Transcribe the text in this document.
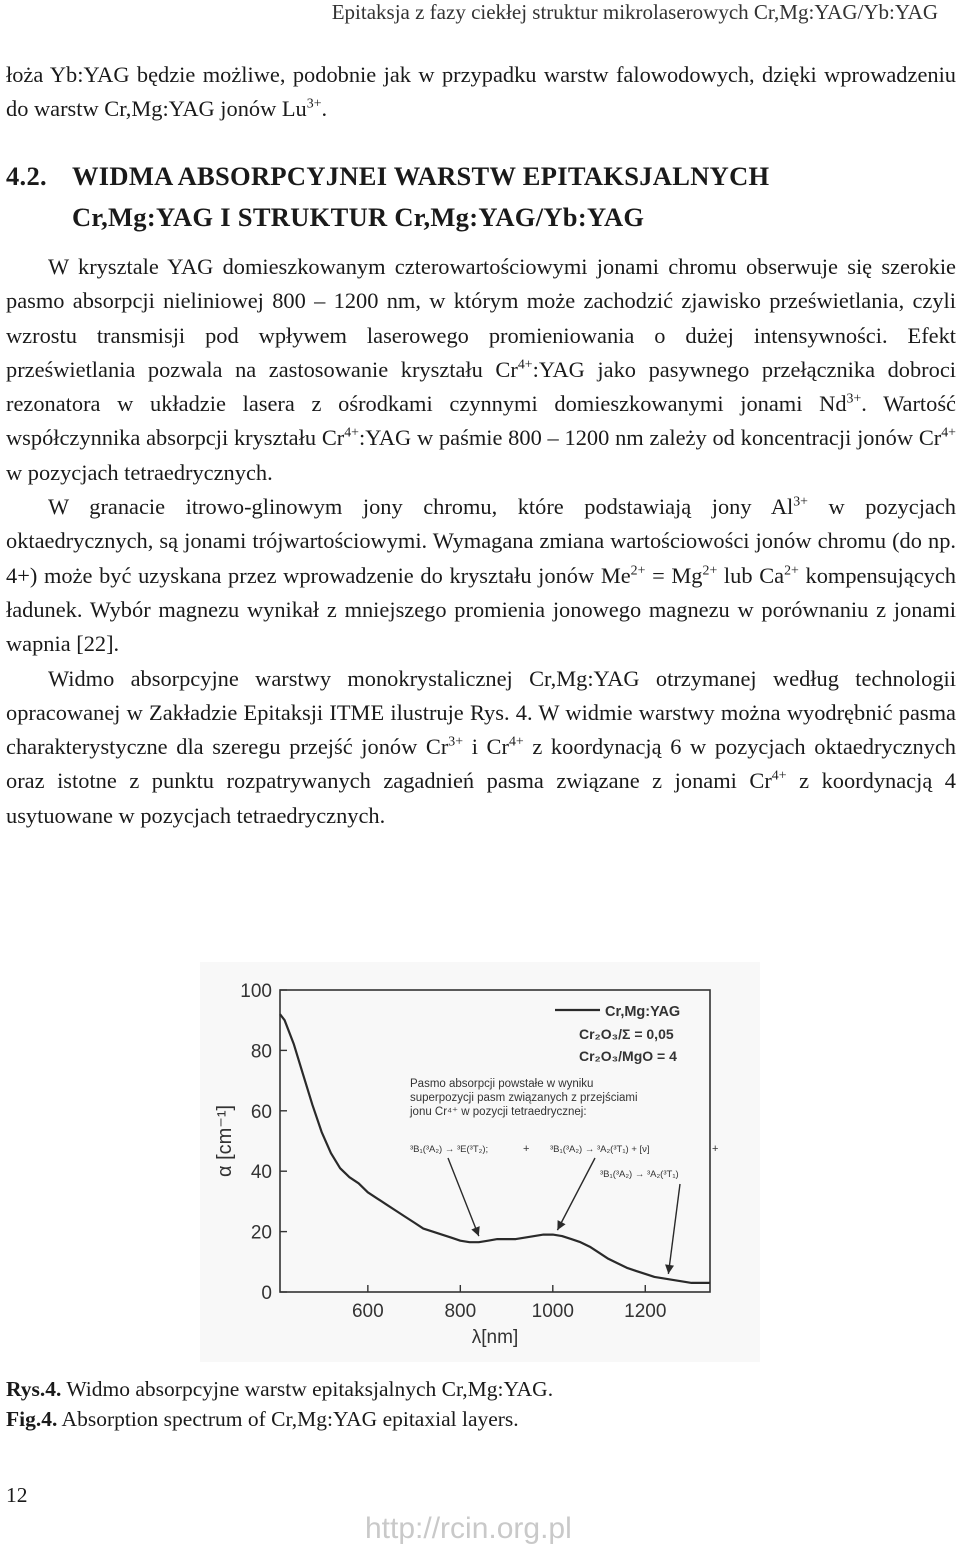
Epitaksja z fazy ciekłej struktur mikrolaserowych Cr,Mg:YAG/Yb:YAG

łoża Yb:YAG będzie możliwe, podobnie jak w przypadku warstw falowodowych, dzięki wprowadzeniu do warstw Cr,Mg:YAG jonów $Lu^{3+}$.

4.2. WIDMA ABSORPCYJNEI WARSTW EPITAKSJALNYCH
Cr,Mg:YAG I STRUKTUR Cr,Mg:YAG/Yb:YAG

W krysztale YAG domieszkowanym czterowartościowymi jonami chromu obserwuje się szerokie pasmo absorpcji nieliniowej 800 – 1200 nm, w którym może zachodzić zjawisko prześwietlania, czyli wzrostu transmisji pod wpływem laserowego promieniowania o dużej intensywności. Efekt prześwietlania pozwala na zastosowanie kryształu $Cr^{4+}:YAG$ jako pasywnego przełącznika dobroci rezonatora w układzie lasera z ośrodkami czynnymi domieszkowanymi jonami $Nd^{3+}$. Wartość współczynnika absorpcji kryształu $Cr^{4+}:YAG$ w paśmie 800 – 1200 nm zależy od koncentracji jonów $Cr^{4+}$ w pozycjach tetraedrycznych.

W granacie itrowo-glinowym jony chromu, które podstawiają jony $Al^{3+}$ w pozycjach oktaedrycznych, są jonami trójwartościowymi. Wymagana zmiana wartościowości jonów chromu (do np. 4+) może być uzyskana przez wprowadzenie do kryształu jonów $Me^{2+} = Mg^{2+}$ lub $Ca^{2+}$ kompensujących ładunek. Wybór magnezu wynikał z mniejszego promienia jonowego magnezu w porównaniu z jonami wapnia [22].

Widmo absorpcyjne warstwy monokrystalicznej Cr,Mg:YAG otrzymanej według technologii opracowanej w Zakładzie Epitaksji ITME ilustruje Rys. 4. W widmie warstwy można wyodrębnić pasma charakterystyczne dla szeregu przejść jonów $Cr^{3+}$ i $Cr^{4+}$ z koordynacją 6 w pozycjach oktaedrycznych oraz istotne z punktu rozpatrywanych zagadnień pasma związane z jonami $Cr^{4+}$ z koordynacją 4 usytuowane w pozycjach tetraedrycznych.

600	800	1000	1200
0
20
40
60
80
100
λ[nm]
α [cm⁻¹]
Cr,Mg:YAG
Cr₂O₃/Σ = 0,05
Cr₂O₃/MgO = 4
Pasmo absorpcji powstałe w wyniku
superpozycji pasm związanych z przejściami
jonu Cr⁴⁺ w pozycji tetraedrycznej:
³B₁(³A₂) → ³E(³T₂);	+ ³B₁(³A₂) → ³A₂(³T₁) + [ν]	+
³B₁(³A₂) → ³A₂(³T₁)
Rys.4. Widmo absorpcyjne warstw epitaksjalnych Cr,Mg:YAG.
Fig.4. Absorption spectrum of Cr,Mg:YAG epitaxial layers.
12
http://rcin.org.pl
